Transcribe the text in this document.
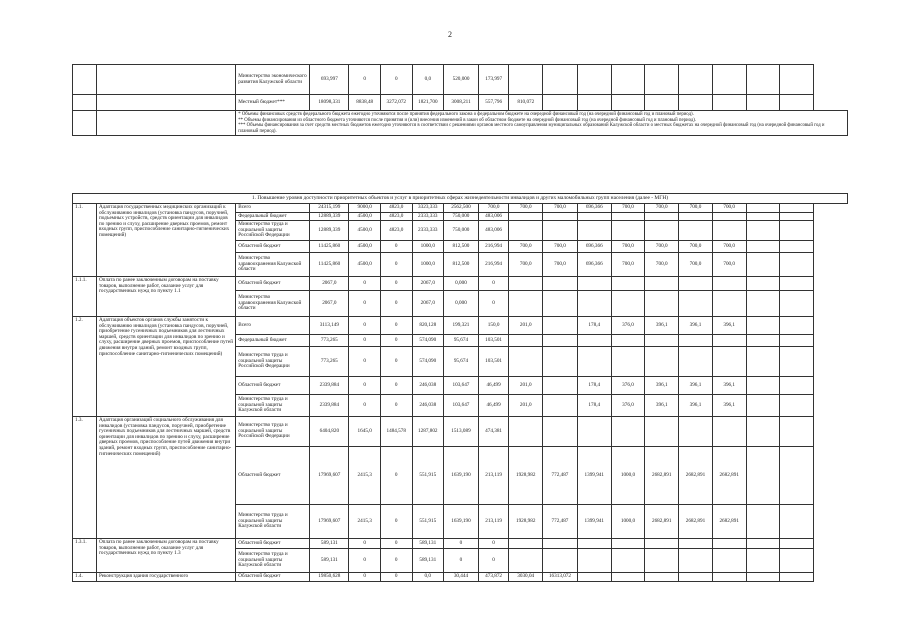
2
		Министерство экономического развития Калужской области	693,997	0	0	0,0	520,000	173,997									
		Местный бюджет***	18098,331	8838,48	3272,072	1821,700	3008,211	557,796	810,072								

		* Объемы финансовых средств федерального бюджета ежегодно уточняются после принятия федерального закона о федеральном бюджете на очередной финансовый год (на очередной финансовый год и плановый период).
** Объемы финансирования из областного бюджета уточняются после принятия и (или) внесения изменений в закон об областном бюджете на очередной финансовый год (на очередной финансовый год и плановый период).
*** Объемы финансирования за счет средств местных бюджетов ежегодно уточняются в соответствии с решениями органов местного самоуправления муниципальных образований Калужской области о местных бюджетах на очередной финансовый год (на очередной финансовый год и плановый период).															
1. Повышение уровня доступности приоритетных объектов и услуг в приоритетных сферах жизнедеятельности инвалидов и других маломобильных групп населения (далее - МГН)																	
1.1.	Адаптация государственных медицинских организаций к обслуживанию инвалидов (установка пандусов, поручней, подъемных устройств, средств ориентации для инвалидов по зрению и слуху, расширение дверных проемов, ремонт входных групп, приспособление санитарно-гигиенических помещений)	Всего	24315,199	9000,0	4823,0	3323,333	2562,500	700,0	700,0	700,0	696,366	700,0	700,0	700,0	700,0		
		Федеральный бюджет	12889,339	4500,0	4823,0	2333,333	750,000	483,006									
		Министерство труда и социальной защиты Российской Федерации	12889,339	4500,0	4823,0	2333,333	750,000	483,006									
		Областной бюджет	11425,860	4500,0	0	1000,0	812,500	216,994	700,0	700,0	696,366	700,0	700,0	700,0	700,0		
		Министерство здравоохранения Калужской области	11425,860	4500,0	0	1000,0	812,500	216,994	700,0	700,0	696,366	700,0	700,0	700,0	700,0		
1.1.1.	Оплата по ранее заключенным договорам на поставку товаров, выполнение работ, оказание услуг для государственных нужд по пункту 1.1	Областной бюджет	2067,0	0	0	2067,0	0,000	0									
		Министерство здравоохранения Калужской области	2067,0	0	0	2067,0	0,000	0									
1.2.	Адаптация объектов органов службы занятости к обслуживанию инвалидов (установка пандусов, поручней, приобретение гусеничных подъемников для лестничных маршей, средств ориентации для инвалидов по зрению и слуху, расширение дверных проемов, приспособление путей движения внутри зданий, ремонт входных групп, приспособление санитарно-гигиенических помещений)	Всего	3113,149	0	0	820,128	199,321	150,0	201,0		178,4	376,0	396,1	396,1	396,1		
		Федеральный бюджет	773,265	0	0	574,090	95,674	103,501									
		Министерство труда и социальной защиты Российской Федерации	773,265	0	0	574,090	95,674	103,501									
		Областной бюджет	2339,884	0	0	246,038	103,647	46,499	201,0		178,4	376,0	396,1	396,1	396,1		
		Министерство труда и социальной защиты Калужской области	2339,884	0	0	246,038	103,647	46,499	201,0		178,4	376,0	396,1	396,1	396,1		
1.3.	Адаптация организаций социального обслуживания для инвалидов (установка пандусов, поручней, приобретение гусеничных подъемников для лестничных маршей, средств ориентации для инвалидов по зрению и слуху, расширение дверных проемов, приспособление путей движения внутри зданий, ремонт входных групп, приспособление санитарно-гигиенических помещений)	Министерство труда и социальной защиты Российской Федерации	6404,820	1645,0	1484,578	1287,802	1513,089	474,381									
		Областной бюджет	17969,607	2415,3	0	551,915	1639,190	213,119	1928,982	772,487	1399,941	1000,0	2682,891	2682,891	2682,891		
		Министерство труда и социальной защиты Калужской области	17969,607	2415,3	0	551,915	1639,190	213,119	1928,982	772,487	1399,941	1000,0	2682,891	2682,891	2682,891		
1.3.1.	Оплата по ранее заключенным договорам на поставку товаров, выполнение работ, оказание услуг для государственных нужд по пункту 1.3	Областной бюджет	589,131	0	0	589,131	0	0									
		Министерство труда и социальной защиты Калужской области	589,131	0	0	589,131	0	0									
1.4.	Реконструкция здания государственного	Областной бюджет	19850,628	0	0	0,0	30,444	473,872	3030,04	16313,072							
